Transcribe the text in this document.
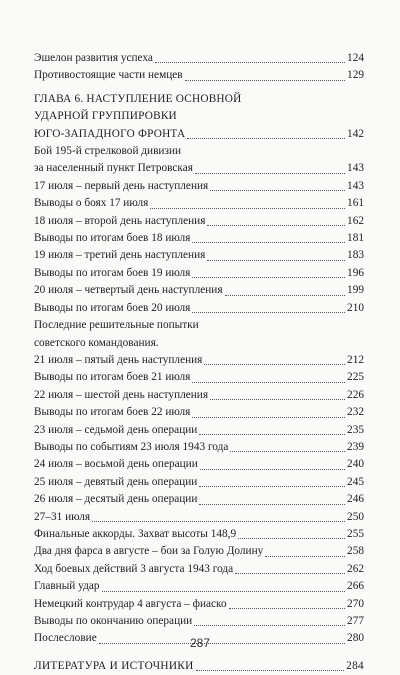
Эшелон развития успеха	124
Противостоящие части немцев	129
ГЛАВА 6. НАСТУПЛЕНИЕ ОСНОВНОЙ
УДАРНОЙ ГРУППИРОВКИ
ЮГО-ЗАПАДНОГО ФРОНТА	142
Бой 195-й стрелковой дивизии
за населенный пункт Петровская	143
17 июля – первый день наступления	143
Выводы о боях 17 июля	161
18 июля – второй день наступления	162
Выводы по итогам боев 18 июля	181
19 июля – третий день наступления	183
Выводы по итогам боев 19 июля	196
20 июля – четвертый день наступления	199
Выводы по итогам боев 20 июля	210
Последние решительные попытки
советского командования.
21 июля – пятый день наступления	212
Выводы по итогам боев 21 июля	225
22 июля – шестой день наступления	226
Выводы по итогам боев 22 июля	232
23 июля – седьмой день операции	235
Выводы по событиям 23 июля 1943 года	239
24 июля – восьмой день операции	240
25 июля – девятый день операции	245
26 июля – десятый день операции	246
27–31 июля	250
Финальные аккорды. Захват высоты 148,9	255
Два дня фарса в августе – бои за Голую Долину	258
Ход боевых действий 3 августа 1943 года	262
Главный удар	266
Немецкий контрудар 4 августа – фиаско	270
Выводы по окончанию операции	277
Послесловие	280
ЛИТЕРАТУРА И ИСТОЧНИКИ	284
287
